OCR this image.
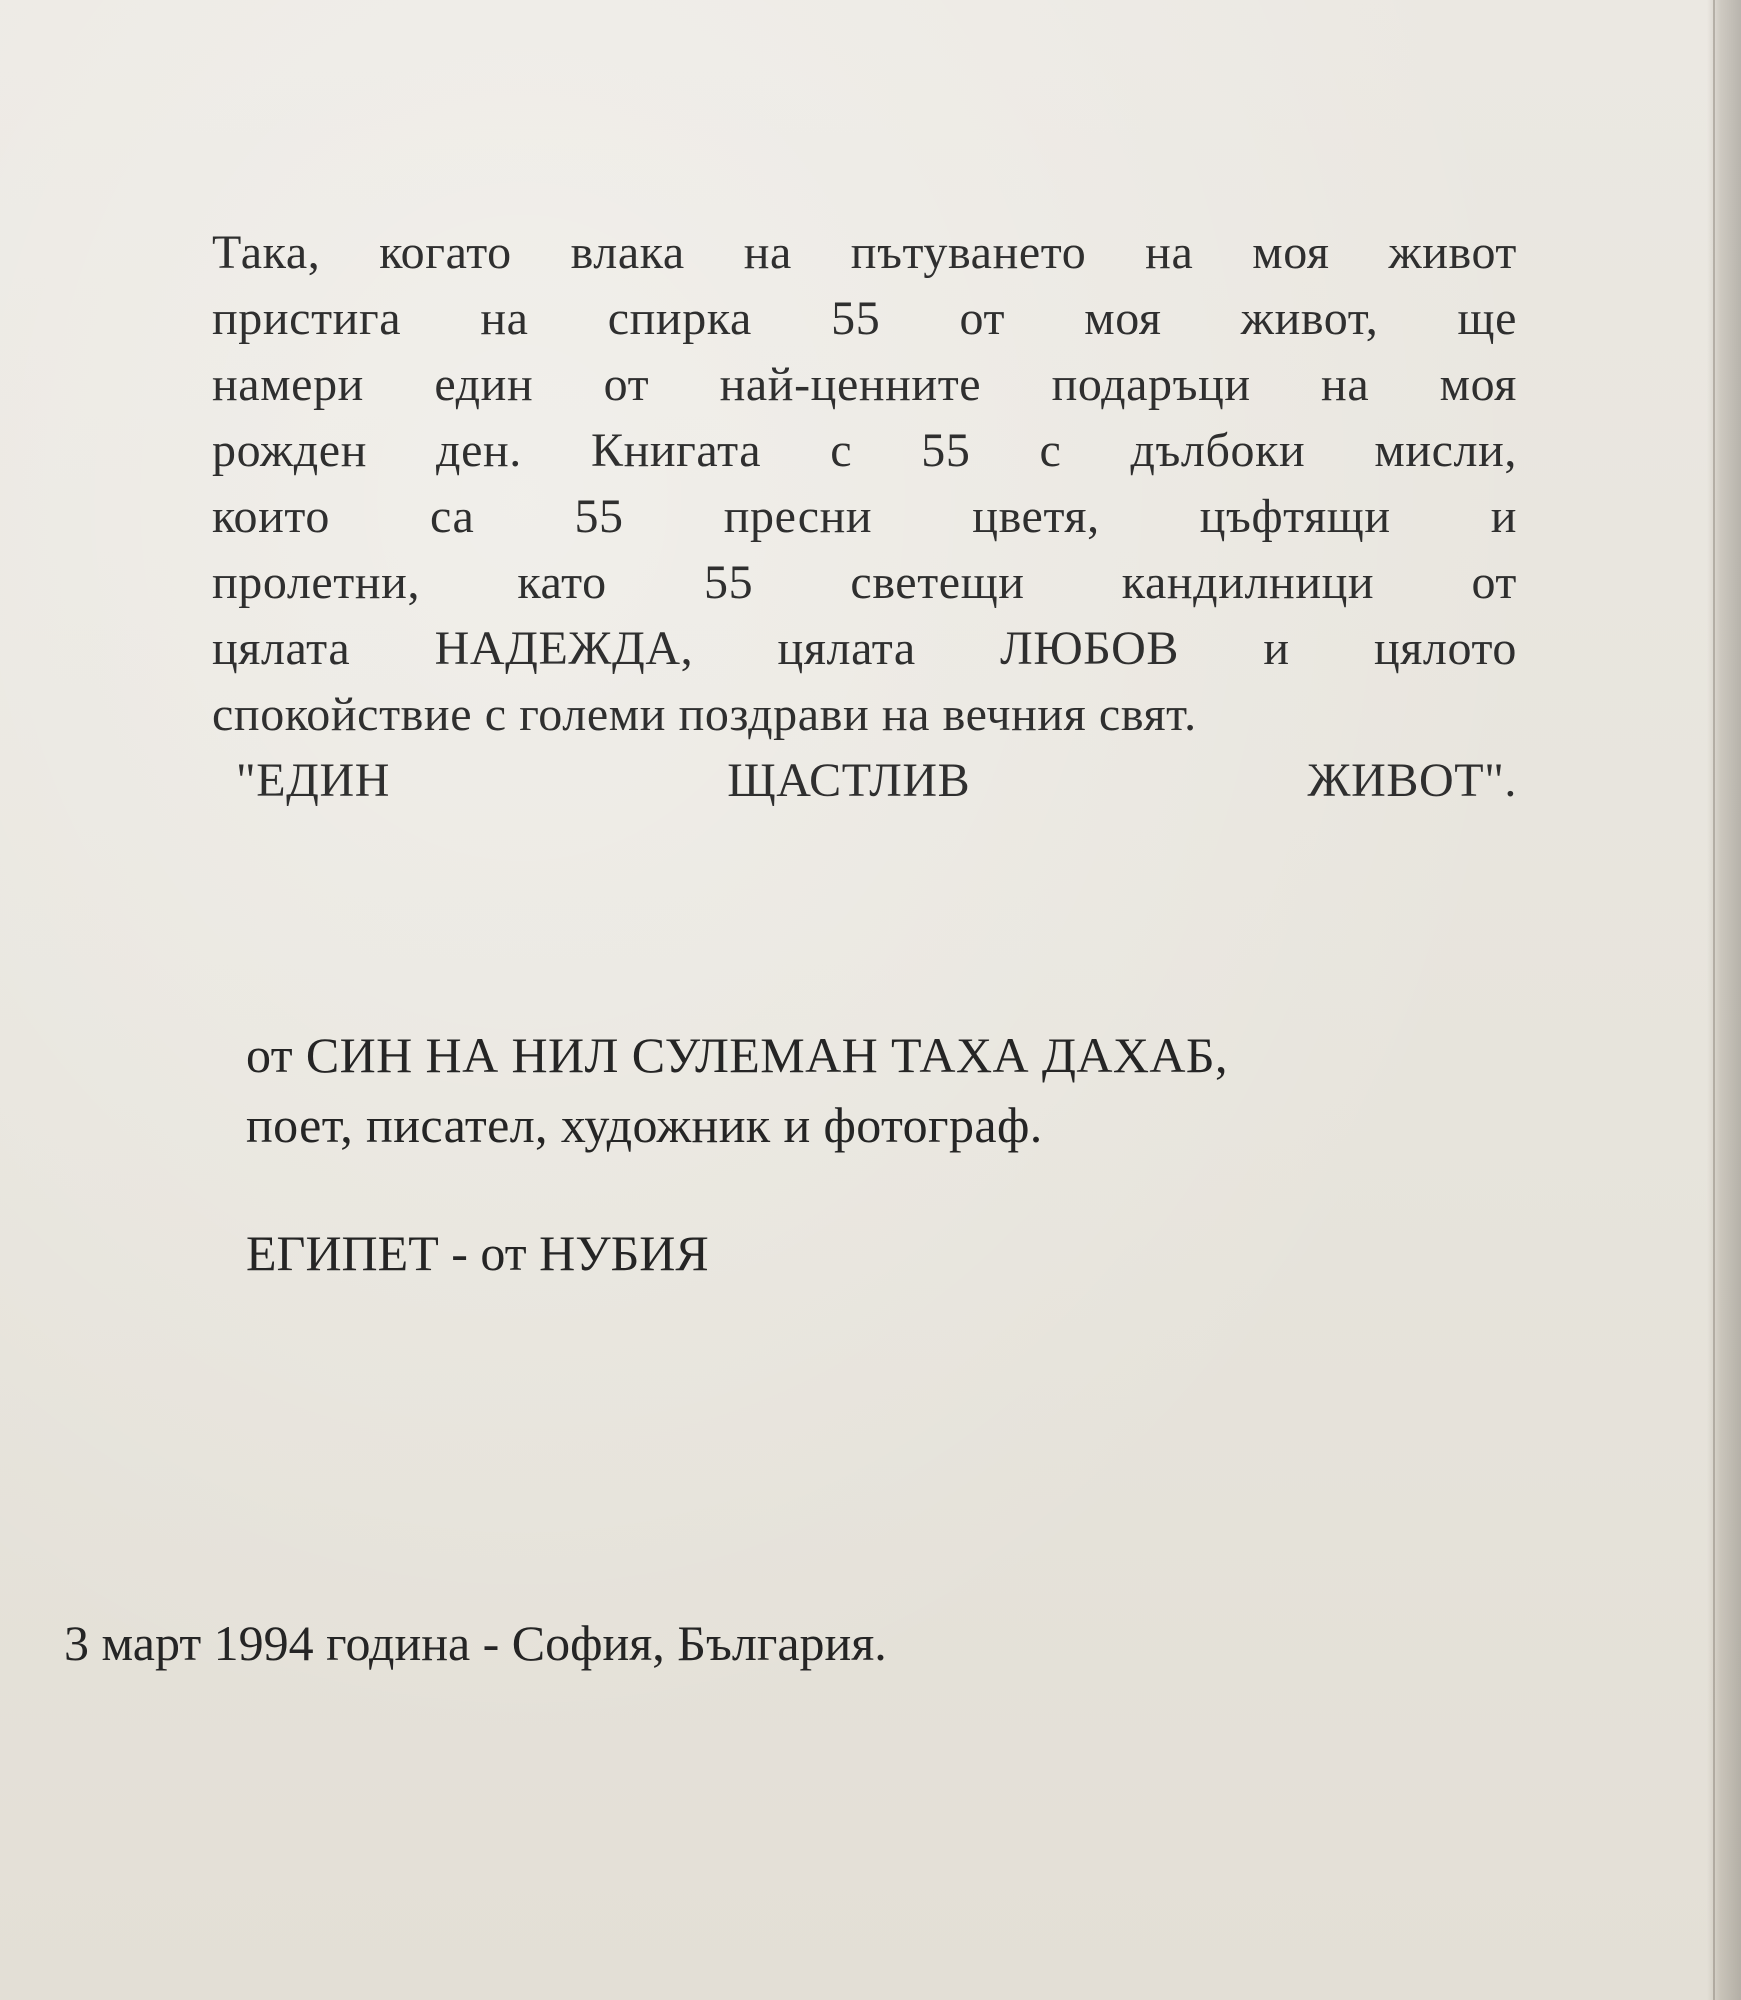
Така, когато влака на пътуването на моя живот

пристига на спирка 55 от моя живот, ще

намери един от най-ценните подаръци на моя

рожден ден. Книгата с 55 с дълбоки мисли,

които са 55 пресни цветя, цъфтящи и

пролетни, като 55 светещи кандилници от

цялата НАДЕЖДА, цялата ЛЮБОВ и цялото

спокойствие с големи поздрави на вечния свят.

"ЕДИН ЩАСТЛИВ ЖИВОТ".

от СИН НА НИЛ СУЛЕМАН ТАХА ДАХАБ,
поет, писател, художник и фотограф.
ЕГИПЕТ - от НУБИЯ
3 март 1994 година - София, България.
